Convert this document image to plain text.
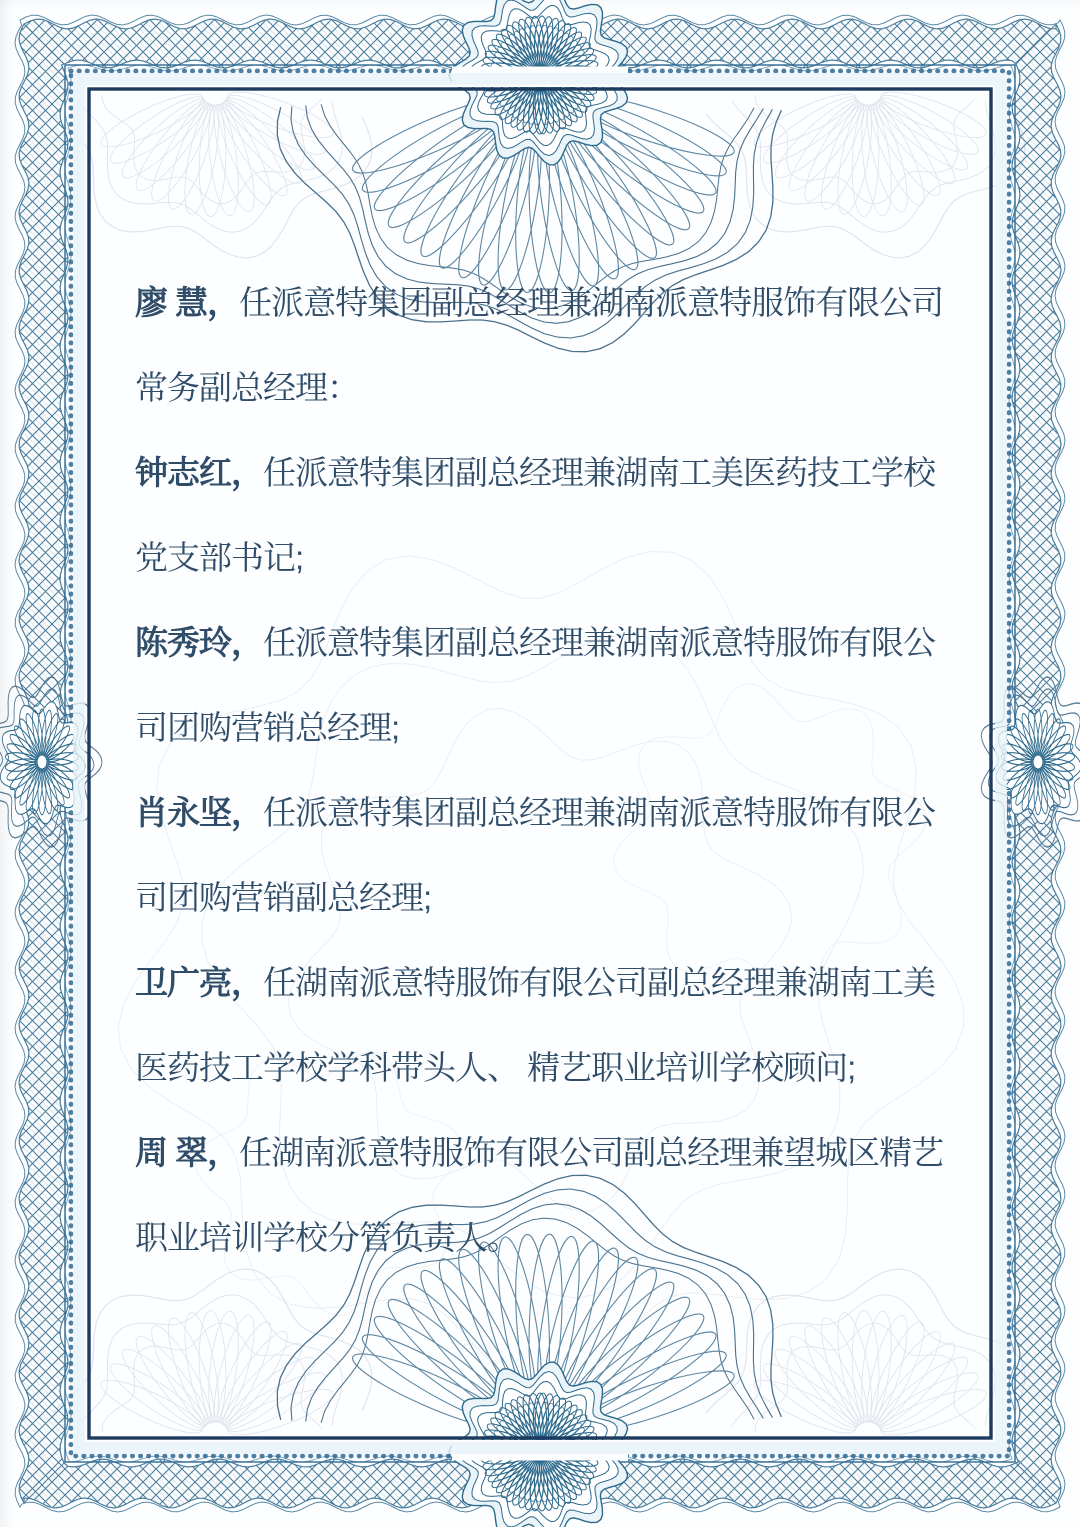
廖 慧，任派意特集团副总经理兼湖南派意特服饰有限公司

常务副总经理：

钟志红，任派意特集团副总经理兼湖南工美医药技工学校

党支部书记;

陈秀玲，任派意特集团副总经理兼湖南派意特服饰有限公

司团购营销总经理;

肖永坚，任派意特集团副总经理兼湖南派意特服饰有限公

司团购营销副总经理;

卫广亮，任湖南派意特服饰有限公司副总经理兼湖南工美

医药技工学校学科带头人、 精艺职业培训学校顾问;

周 翠，任湖南派意特服饰有限公司副总经理兼望城区精艺

职业培训学校分管负责人。
